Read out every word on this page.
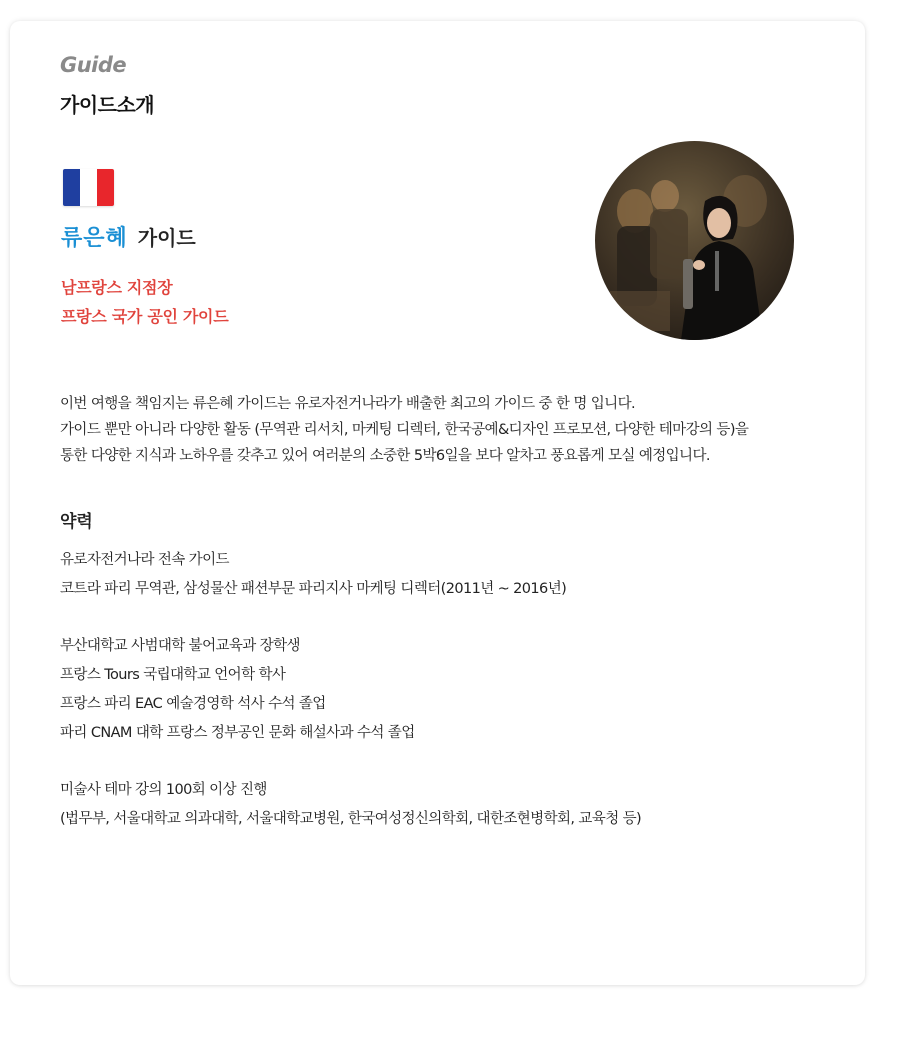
Guide
가이드소개
류은혜 가이드
남프랑스 지점장
프랑스 국가 공인 가이드
이번 여행을 책임지는 류은혜 가이드는 유로자전거나라가 배출한 최고의 가이드 중 한 명 입니다.
가이드 뿐만 아니라 다양한 활동 (무역관 리서치, 마케팅 디렉터, 한국공예&디자인 프로모션, 다양한 테마강의 등)을
통한 다양한 지식과 노하우를 갖추고 있어 여러분의 소중한 5박6일을 보다 알차고 풍요롭게 모실 예정입니다.
약력
유로자전거나라 전속 가이드
코트라 파리 무역관, 삼성물산 패션부문 파리지사 마케팅 디렉터(2011년 ~ 2016년)
부산대학교 사범대학 불어교육과 장학생
프랑스 Tours 국립대학교 언어학 학사
프랑스 파리 EAC 예술경영학 석사 수석 졸업
파리 CNAM 대학 프랑스 정부공인 문화 해설사과 수석 졸업
미술사 테마 강의 100회 이상 진행
(법무부, 서울대학교 의과대학, 서울대학교병원, 한국여성정신의학회, 대한조현병학회, 교육청 등)
